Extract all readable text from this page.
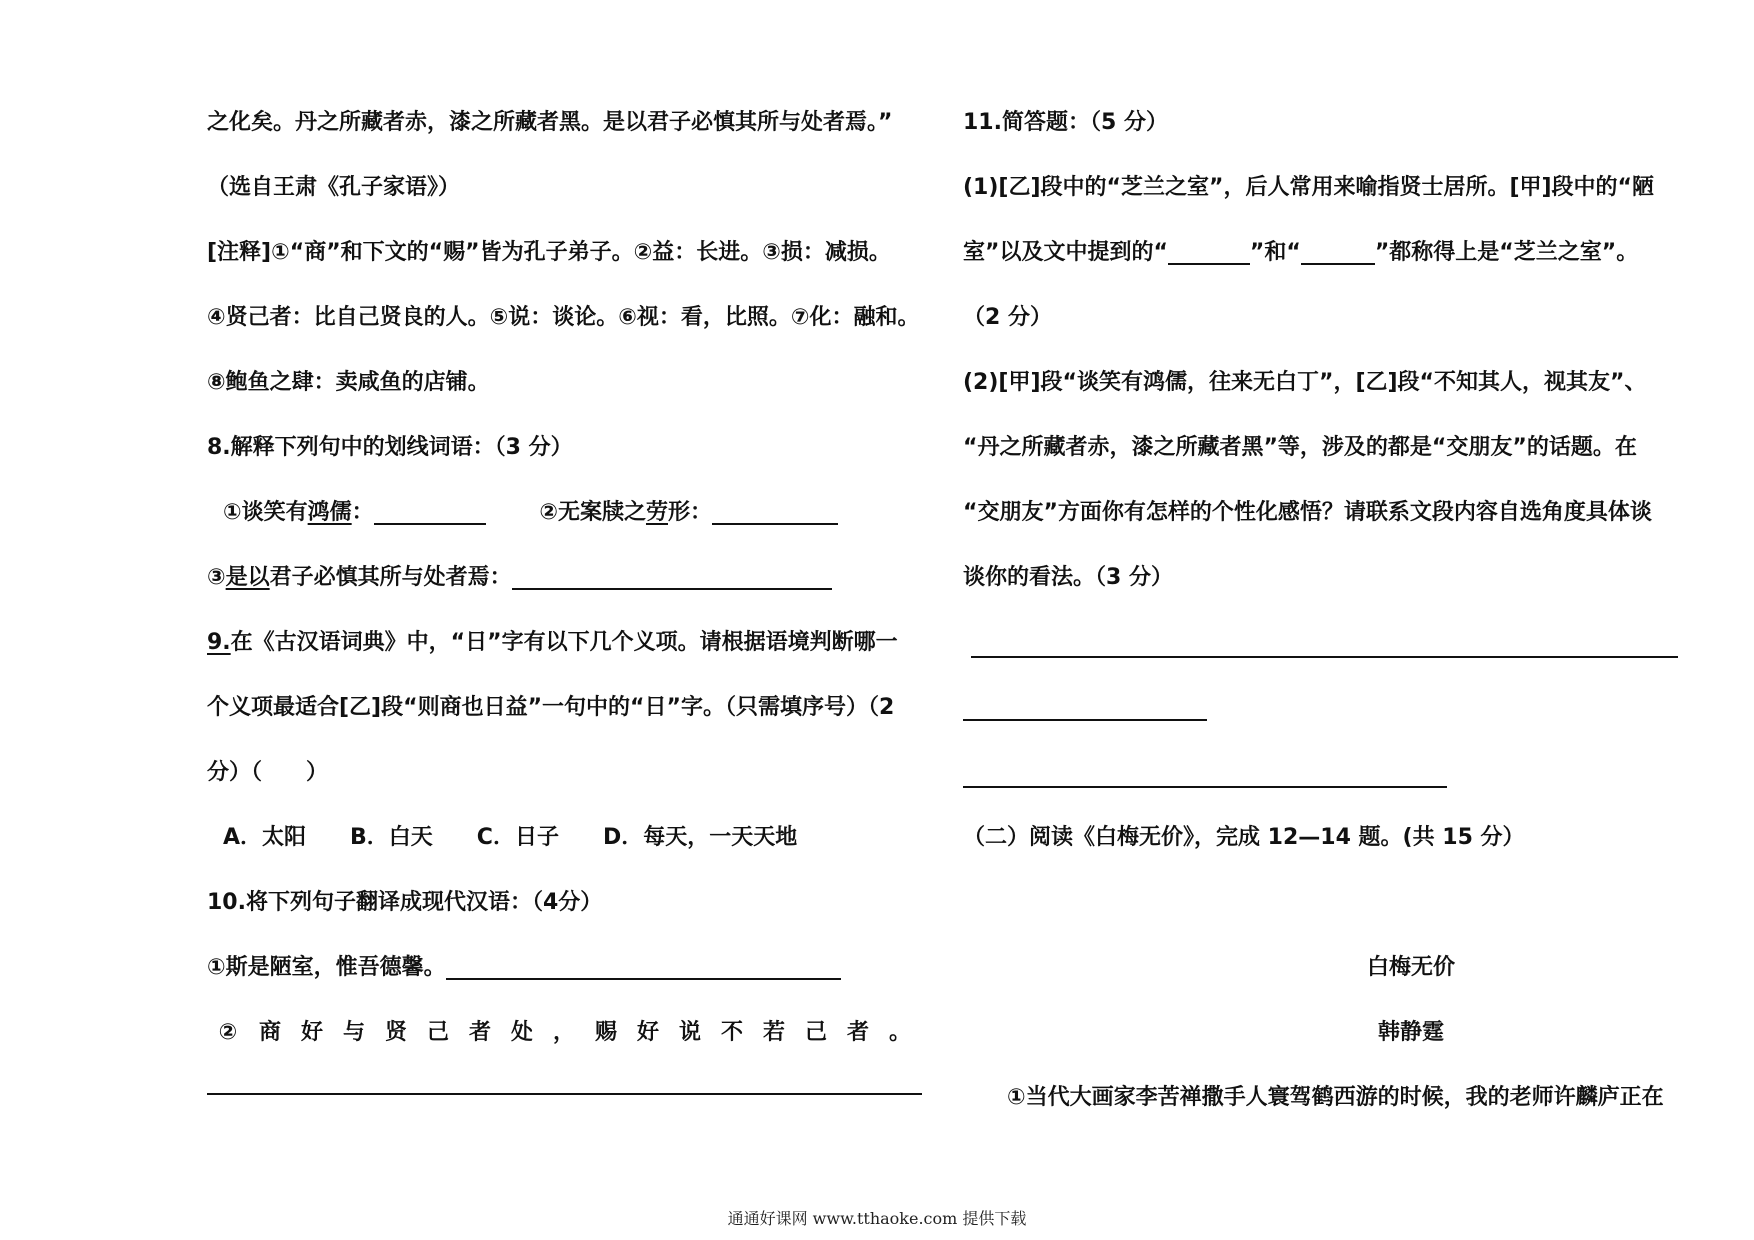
之化矣。丹之所藏者赤，漆之所藏者黑。是以君子必慎其所与处者焉。”
（选自王肃《孔子家语》）
[注释]①“商”和下文的“赐”皆为孔子弟子。②益：长进。③损：减损。
④贤己者：比自己贤良的人。⑤说：谈论。⑥视：看，比照。⑦化：融和。
⑧鲍鱼之肆：卖咸鱼的店铺。
8.解释下列句中的划线词语：（3 分）
①谈笑有鸿儒：	②无案牍之劳形：
③是以君子必慎其所与处者焉：
9.在《古汉语词典》中，“日”字有以下几个义项。请根据语境判断哪一
个义项最适合[乙]段“则商也日益”一句中的“日”字。（只需填序号）（2
分）（　　）
A．太阳　　B．白天　　C．日子　　D．每天，一天天地
10.将下列句子翻译成现代汉语：（4分）
①斯是陋室，惟吾德馨。
② 商 好 与 贤 己 者 处 ， 赐 好 说 不 若 己 者 。
11.简答题：（5 分）
(1)[乙]段中的“芝兰之室”，后人常用来喻指贤士居所。[甲]段中的“陋
室”以及文中提到的“	”和“	”都称得上是“芝兰之室”。
（2 分）
(2)[甲]段“谈笑有鸿儒，往来无白丁”，[乙]段“不知其人，视其友”、
“丹之所藏者赤，漆之所藏者黑”等，涉及的都是“交朋友”的话题。在
“交朋友”方面你有怎样的个性化感悟？请联系文段内容自选角度具体谈
谈你的看法。（3 分）
（二）阅读《白梅无价》，完成 12—14 题。(共 15 分）
白梅无价
韩静霆
①当代大画家李苦禅撒手人寰驾鹤西游的时候，我的老师许麟庐正在
通通好课网 www.tthaoke.com 提供下载
